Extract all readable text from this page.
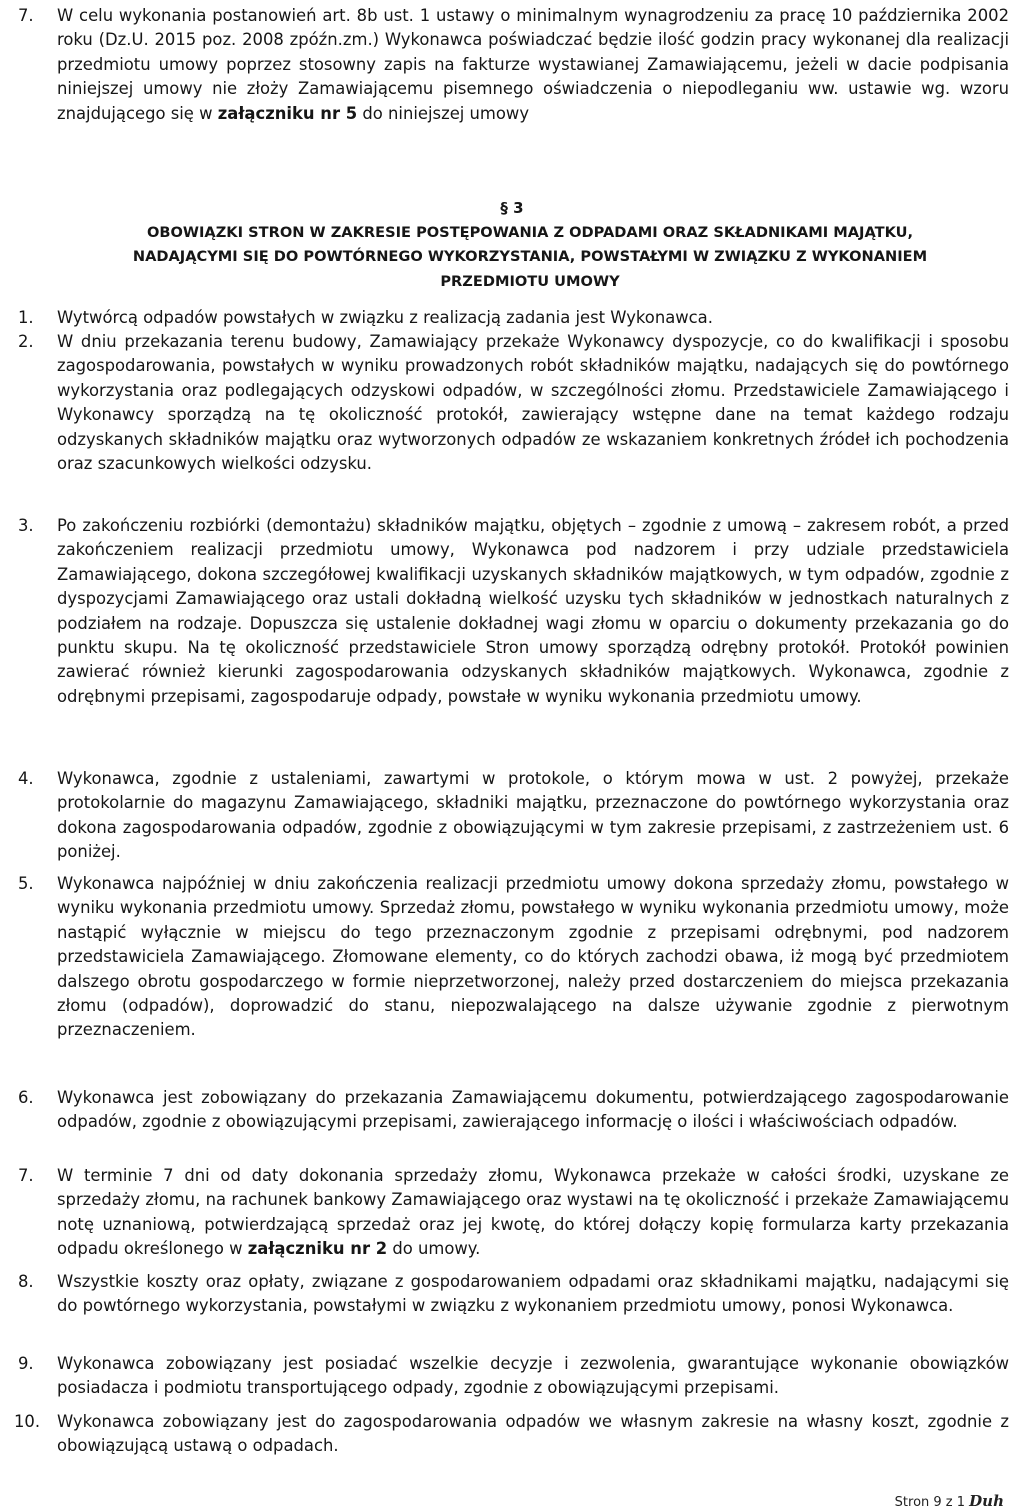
7. W celu wykonania postanowień art. 8b ust. 1 ustawy o minimalnym wynagrodzeniu za pracę 10 października 2002 roku (Dz.U. 2015 poz. 2008 zpóźn.zm.) Wykonawca poświadczać będzie ilość godzin pracy wykonanej dla realizacji przedmiotu umowy poprzez stosowny zapis na fakturze wystawianej Zamawiającemu, jeżeli w dacie podpisania niniejszej umowy nie złoży Zamawiającemu pisemnego oświadczenia o niepodleganiu ww. ustawie wg. wzoru znajdującego się w załączniku nr 5 do niniejszej umowy

§ 3

OBOWIĄZKI STRON W ZAKRESIE POSTĘPOWANIA Z ODPADAMI ORAZ SKŁADNIKAMI MAJĄTKU, NADAJĄCYMI SIĘ DO POWTÓRNEGO WYKORZYSTANIA, POWSTAŁYMI W ZWIĄZKU Z WYKONANIEM PRZEDMIOTU UMOWY

1. Wytwórcą odpadów powstałych w związku z realizacją zadania jest Wykonawca.

2. W dniu przekazania terenu budowy, Zamawiający przekaże Wykonawcy dyspozycje, co do kwalifikacji i sposobu zagospodarowania, powstałych w wyniku prowadzonych robót składników majątku, nadających się do powtórnego wykorzystania oraz podlegających odzyskowi odpadów, w szczególności złomu. Przedstawiciele Zamawiającego i Wykonawcy sporządzą na tę okoliczność protokół, zawierający wstępne dane na temat każdego rodzaju odzyskanych składników majątku oraz wytworzonych odpadów ze wskazaniem konkretnych źródeł ich pochodzenia oraz szacunkowych wielkości odzysku.

3. Po zakończeniu rozbiórki (demontażu) składników majątku, objętych – zgodnie z umową – zakresem robót, a przed zakończeniem realizacji przedmiotu umowy, Wykonawca pod nadzorem i przy udziale przedstawiciela Zamawiającego, dokona szczegółowej kwalifikacji uzyskanych składników majątkowych, w tym odpadów, zgodnie z dyspozycjami Zamawiającego oraz ustali dokładną wielkość uzysku tych składników w jednostkach naturalnych z podziałem na rodzaje. Dopuszcza się ustalenie dokładnej wagi złomu w oparciu o dokumenty przekazania go do punktu skupu. Na tę okoliczność przedstawiciele Stron umowy sporządzą odrębny protokół. Protokół powinien zawierać również kierunki zagospodarowania odzyskanych składników majątkowych. Wykonawca, zgodnie z odrębnymi przepisami, zagospodaruje odpady, powstałe w wyniku wykonania przedmiotu umowy.

4. Wykonawca, zgodnie z ustaleniami, zawartymi w protokole, o którym mowa w ust. 2 powyżej, przekaże protokolarnie do magazynu Zamawiającego, składniki majątku, przeznaczone do powtórnego wykorzystania oraz dokona zagospodarowania odpadów, zgodnie z obowiązującymi w tym zakresie przepisami, z zastrzeżeniem ust. 6 poniżej.

5. Wykonawca najpóźniej w dniu zakończenia realizacji przedmiotu umowy dokona sprzedaży złomu, powstałego w wyniku wykonania przedmiotu umowy. Sprzedaż złomu, powstałego w wyniku wykonania przedmiotu umowy, może nastąpić wyłącznie w miejscu do tego przeznaczonym zgodnie z przepisami odrębnymi, pod nadzorem przedstawiciela Zamawiającego. Złomowane elementy, co do których zachodzi obawa, iż mogą być przedmiotem dalszego obrotu gospodarczego w formie nieprzetworzonej, należy przed dostarczeniem do miejsca przekazania złomu (odpadów), doprowadzić do stanu, niepozwalającego na dalsze używanie zgodnie z pierwotnym przeznaczeniem.

6. Wykonawca jest zobowiązany do przekazania Zamawiającemu dokumentu, potwierdzającego zagospodarowanie odpadów, zgodnie z obowiązującymi przepisami, zawierającego informację o ilości i właściwościach odpadów.

7. W terminie 7 dni od daty dokonania sprzedaży złomu, Wykonawca przekaże w całości środki, uzyskane ze sprzedaży złomu, na rachunek bankowy Zamawiającego oraz wystawi na tę okoliczność i przekaże Zamawiającemu notę uznaniową, potwierdzającą sprzedaż oraz jej kwotę, do której dołączy kopię formularza karty przekazania odpadu określonego w załączniku nr 2 do umowy.

8. Wszystkie koszty oraz opłaty, związane z gospodarowaniem odpadami oraz składnikami majątku, nadającymi się do powtórnego wykorzystania, powstałymi w związku z wykonaniem przedmiotu umowy, ponosi Wykonawca.

9. Wykonawca zobowiązany jest posiadać wszelkie decyzje i zezwolenia, gwarantujące wykonanie obowiązków posiadacza i podmiotu transportującego odpady, zgodnie z obowiązującymi przepisami.

10. Wykonawca zobowiązany jest do zagospodarowania odpadów we własnym zakresie na własny koszt, zgodnie z obowiązującą ustawą o odpadach.

Stron 9 z 1 Duh
